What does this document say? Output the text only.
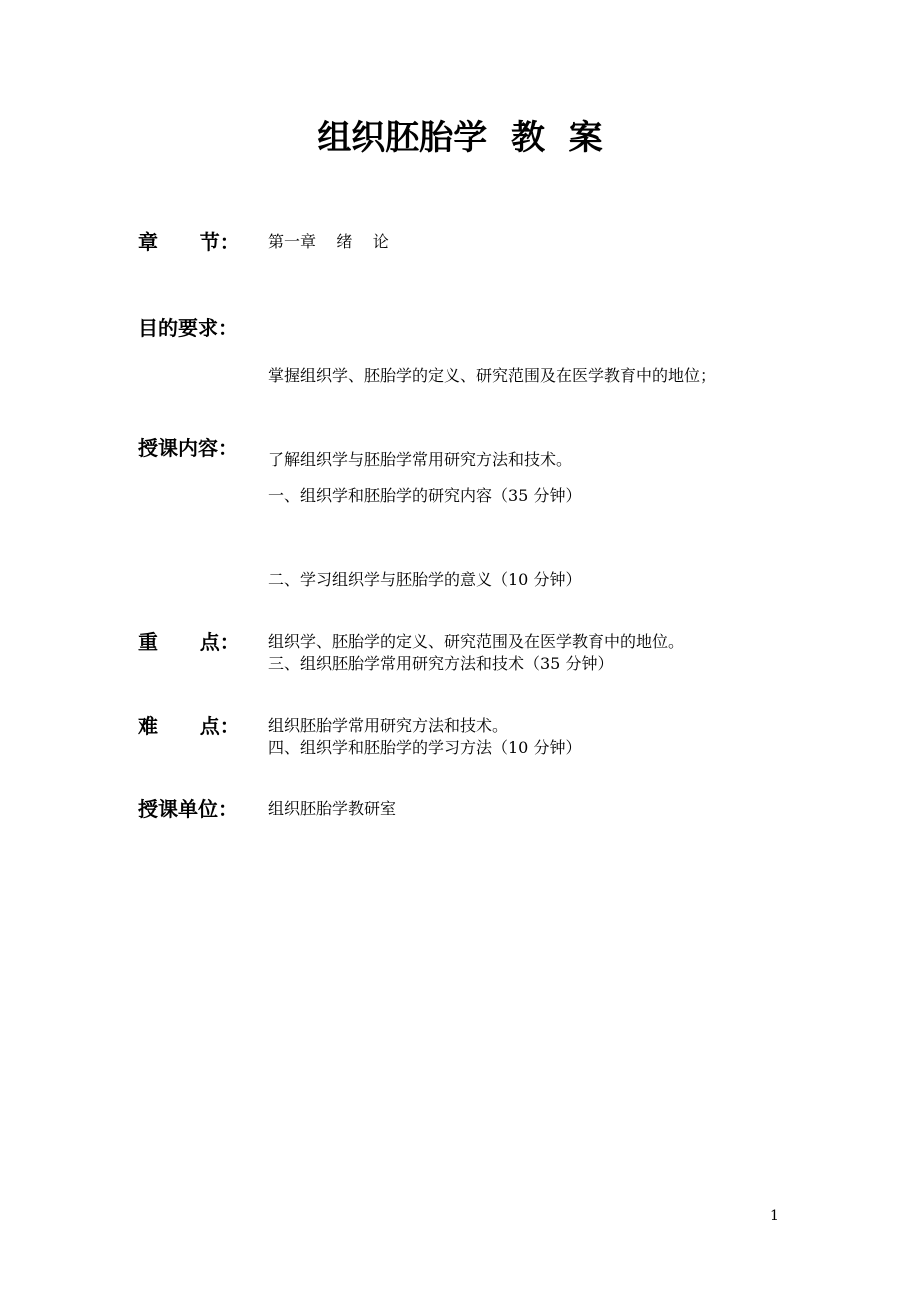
组织胚胎学  教  案
章      节： 第一章    绪    论
目的要求：

掌握组织学、胚胎学的定义、研究范围及在医学教育中的地位；

了解组织学与胚胎学常用研究方法和技术。

授课内容：

一、组织学和胚胎学的研究内容（35 分钟）

二、学习组织学与胚胎学的意义（10 分钟）

三、组织胚胎学常用研究方法和技术（35 分钟）

四、组织学和胚胎学的学习方法（10 分钟）

重      点： 组织学、胚胎学的定义、研究范围及在医学教育中的地位。
难      点： 组织胚胎学常用研究方法和技术。
授课单位： 组织胚胎学教研室
1
